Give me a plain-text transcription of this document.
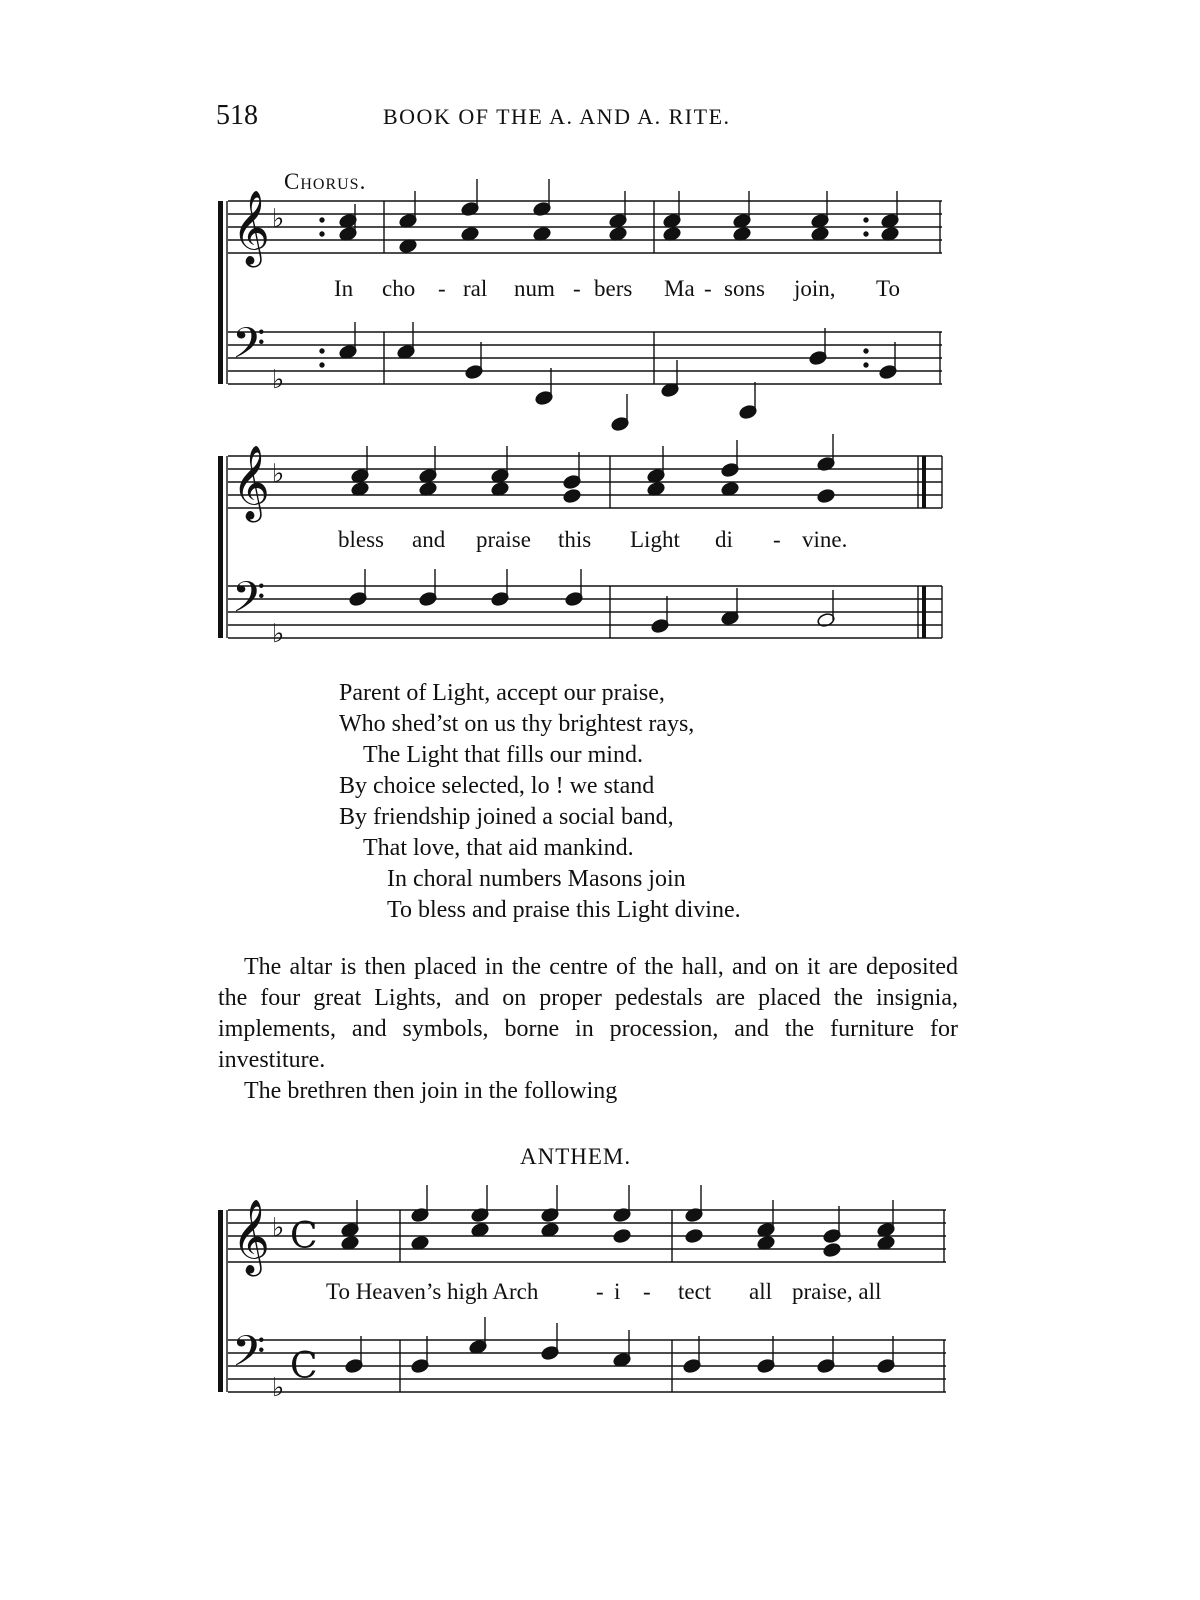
518	BOOK OF THE A. AND A. RITE.
Chorus.
𝄞
𝄢
♭
♭
𝄞
𝄢
♭
♭
𝄞
𝄢
♭
♭
C
C
In cho - ral num - bers Ma - sons join, To
bless and praise this Light di - vine.
Parent of Light, accept our praise,
Who shed’st on us thy brightest rays,
The Light that fills our mind.
By choice selected, lo ! we stand
By friendship joined a social band,
That love, that aid mankind.
In choral numbers Masons join
To bless and praise this Light divine.

The altar is then placed in the centre of the hall, and on it are deposited the four great Lights, and on proper pedestals are placed the insignia, implements, and symbols, borne in procession, and the furniture for investiture.

The brethren then join in the following

ANTHEM.
To Heaven’s high Arch	- i - tect all praise, all
